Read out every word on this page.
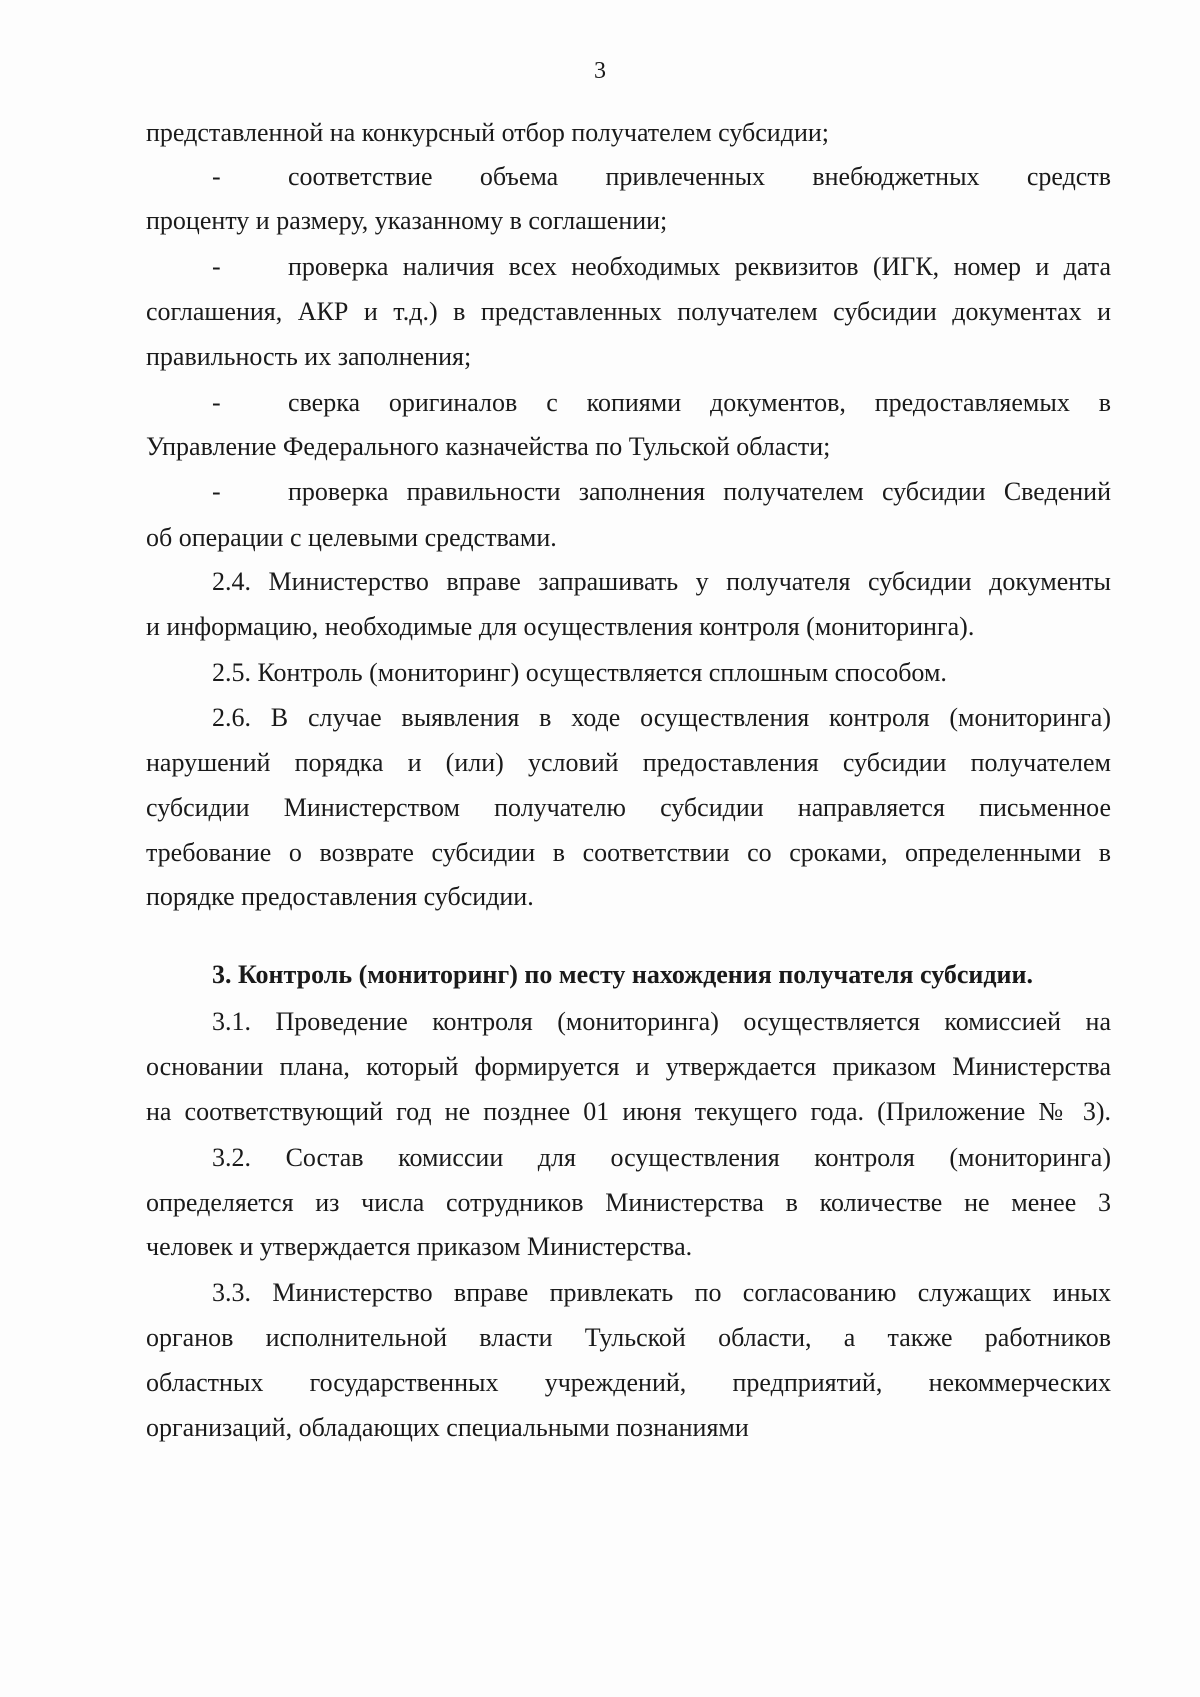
3
представленной на конкурсный отбор получателем субсидии;
-	соответствие объема привлеченных внебюджетных средств
проценту и размеру, указанному в соглашении;
-	проверка наличия всех необходимых реквизитов (ИГК, номер и дата
соглашения, АКР и т.д.) в представленных получателем субсидии документах и
правильность их заполнения;
-	сверка оригиналов с копиями документов, предоставляемых в
Управление Федерального казначейства по Тульской области;
-	проверка правильности заполнения получателем субсидии Сведений
об операции с целевыми средствами.
2.4. Министерство вправе запрашивать у получателя субсидии документы
и информацию, необходимые для осуществления контроля (мониторинга).
2.5. Контроль (мониторинг) осуществляется сплошным способом.
2.6. В случае выявления в ходе осуществления контроля (мониторинга)
нарушений порядка и (или) условий предоставления субсидии получателем
субсидии Министерством получателю субсидии направляется письменное
требование о возврате субсидии в соответствии со сроками, определенными в
порядке предоставления субсидии.
3. Контроль (мониторинг) по месту нахождения получателя субсидии.
3.1. Проведение контроля (мониторинга) осуществляется комиссией на
основании плана, который формируется и утверждается приказом Министерства
на соответствующий год не позднее 01 июня текущего года. (Приложение № 3).
3.2. Состав комиссии для осуществления контроля (мониторинга)
определяется из числа сотрудников Министерства в количестве не менее 3
человек и утверждается приказом Министерства.
3.3. Министерство вправе привлекать по согласованию служащих иных
органов исполнительной власти Тульской области, а также работников
областных государственных учреждений, предприятий, некоммерческих
организаций, обладающих специальными познаниями
